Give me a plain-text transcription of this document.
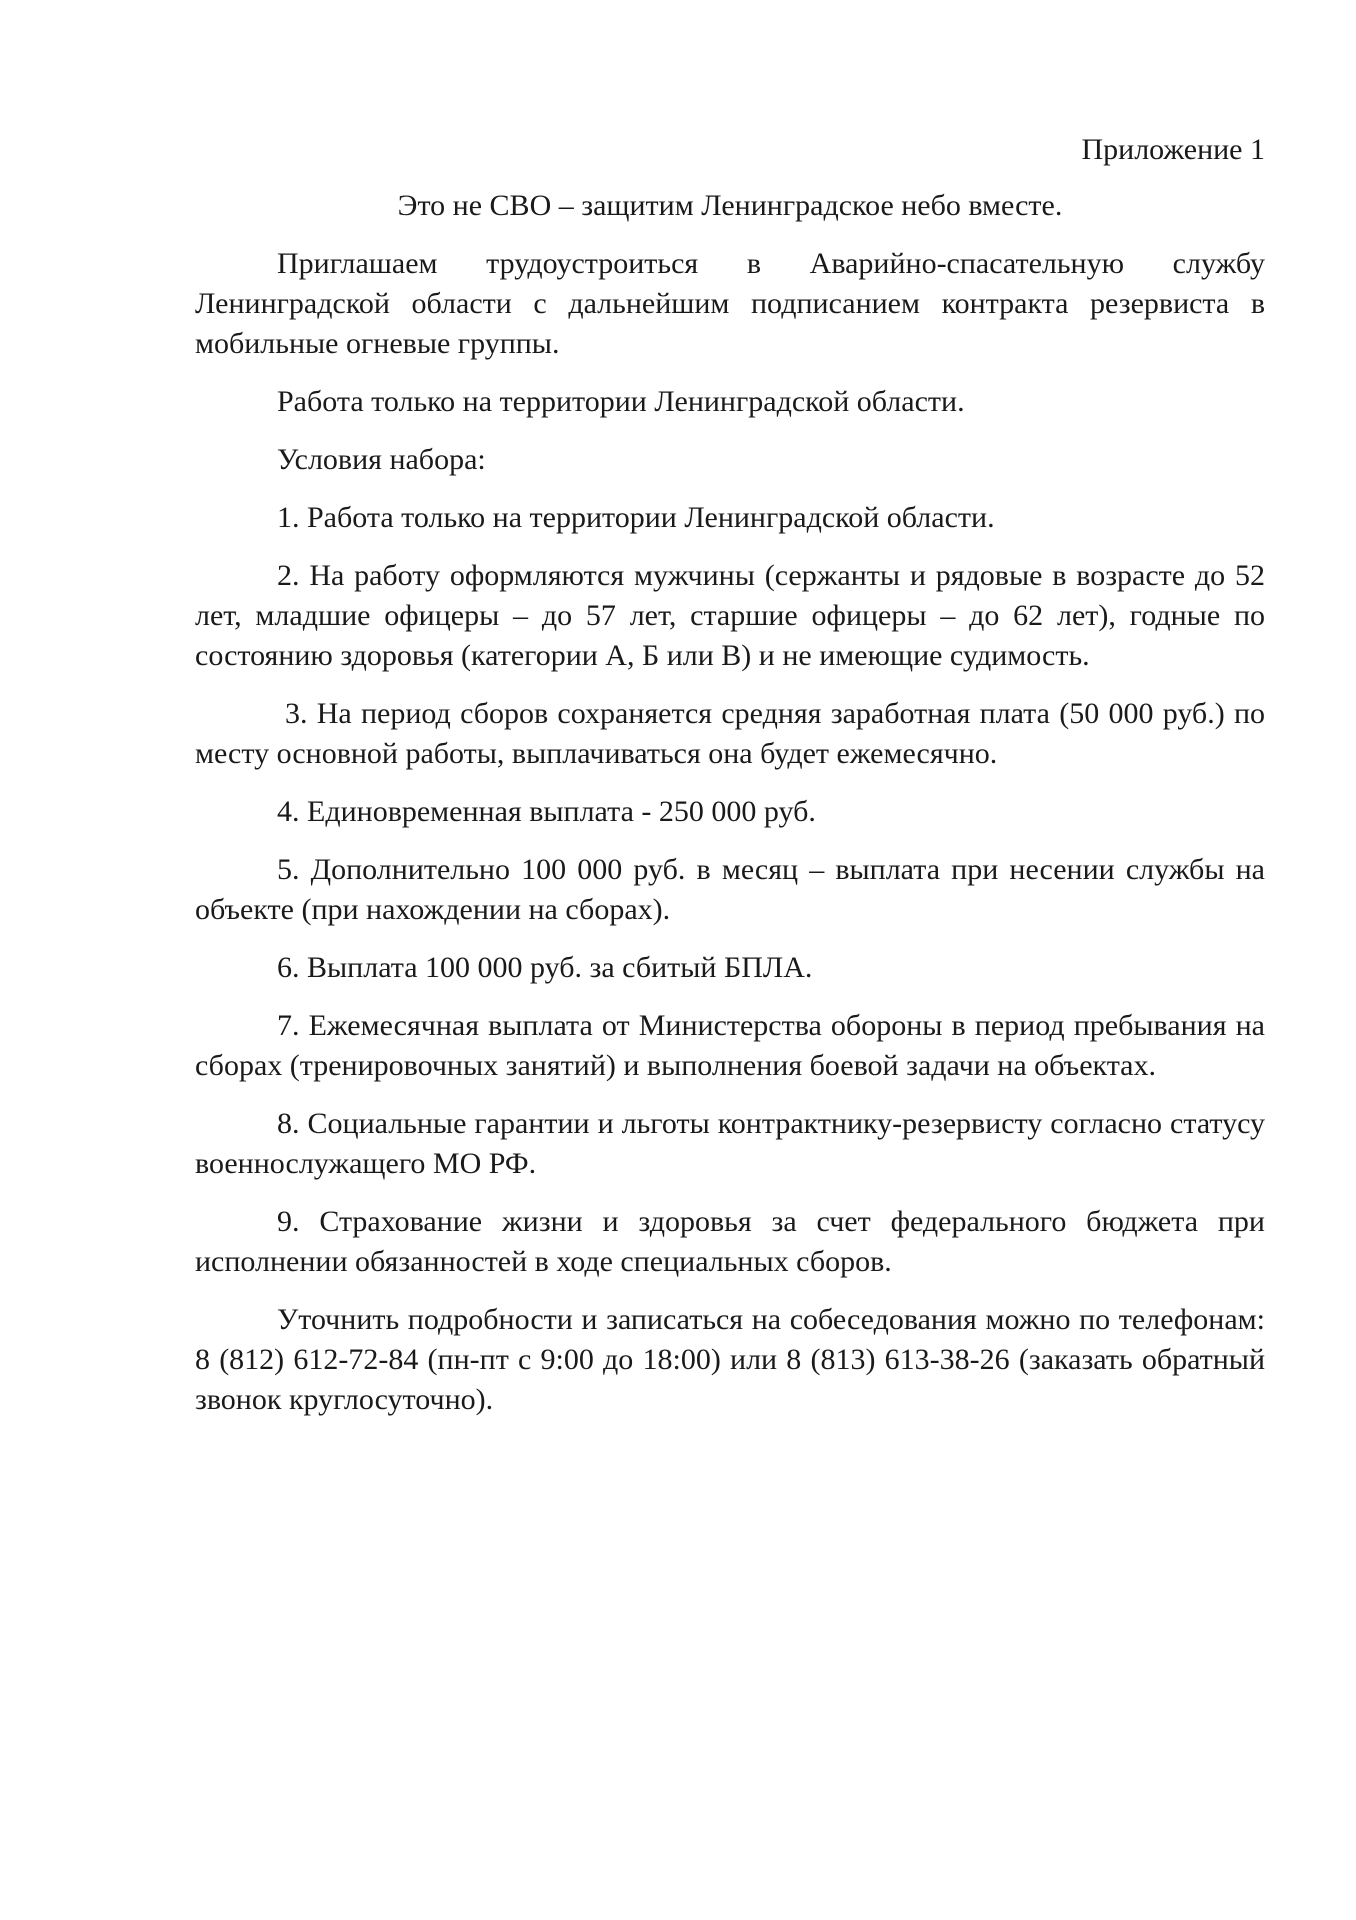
Приложение 1

Это не СВО – защитим Ленинградское небо вместе.

Приглашаем трудоустроиться в Аварийно-спасательную службу Ленинградской области с дальнейшим подписанием контракта резервиста в мобильные огневые группы.

Работа только на территории Ленинградской области.

Условия набора:

1. Работа только на территории Ленинградской области.
2. На работу оформляются мужчины (сержанты и рядовые в возрасте до 52 лет, младшие офицеры – до 57 лет, старшие офицеры – до 62 лет), годные по состоянию здоровья (категории А, Б или В) и не имеющие судимость.
3. На период сборов сохраняется средняя заработная плата (50 000 руб.) по месту основной работы, выплачиваться она будет ежемесячно.
4. Единовременная выплата - 250 000 руб.
5. Дополнительно 100 000 руб. в месяц – выплата при несении службы на объекте (при нахождении на сборах).
6. Выплата 100 000 руб. за сбитый БПЛА.
7. Ежемесячная выплата от Министерства обороны в период пребывания на сборах (тренировочных занятий) и выполнения боевой задачи на объектах.
8. Социальные гарантии и льготы контрактнику-резервисту согласно статусу военнослужащего МО РФ.
9. Страхование жизни и здоровья за счет федерального бюджета при исполнении обязанностей в ходе специальных сборов.

Уточнить подробности и записаться на собеседования можно по телефонам: 8 (812) 612-72-84 (пн-пт с 9:00 до 18:00) или 8 (813) 613-38-26 (заказать обратный звонок круглосуточно).
